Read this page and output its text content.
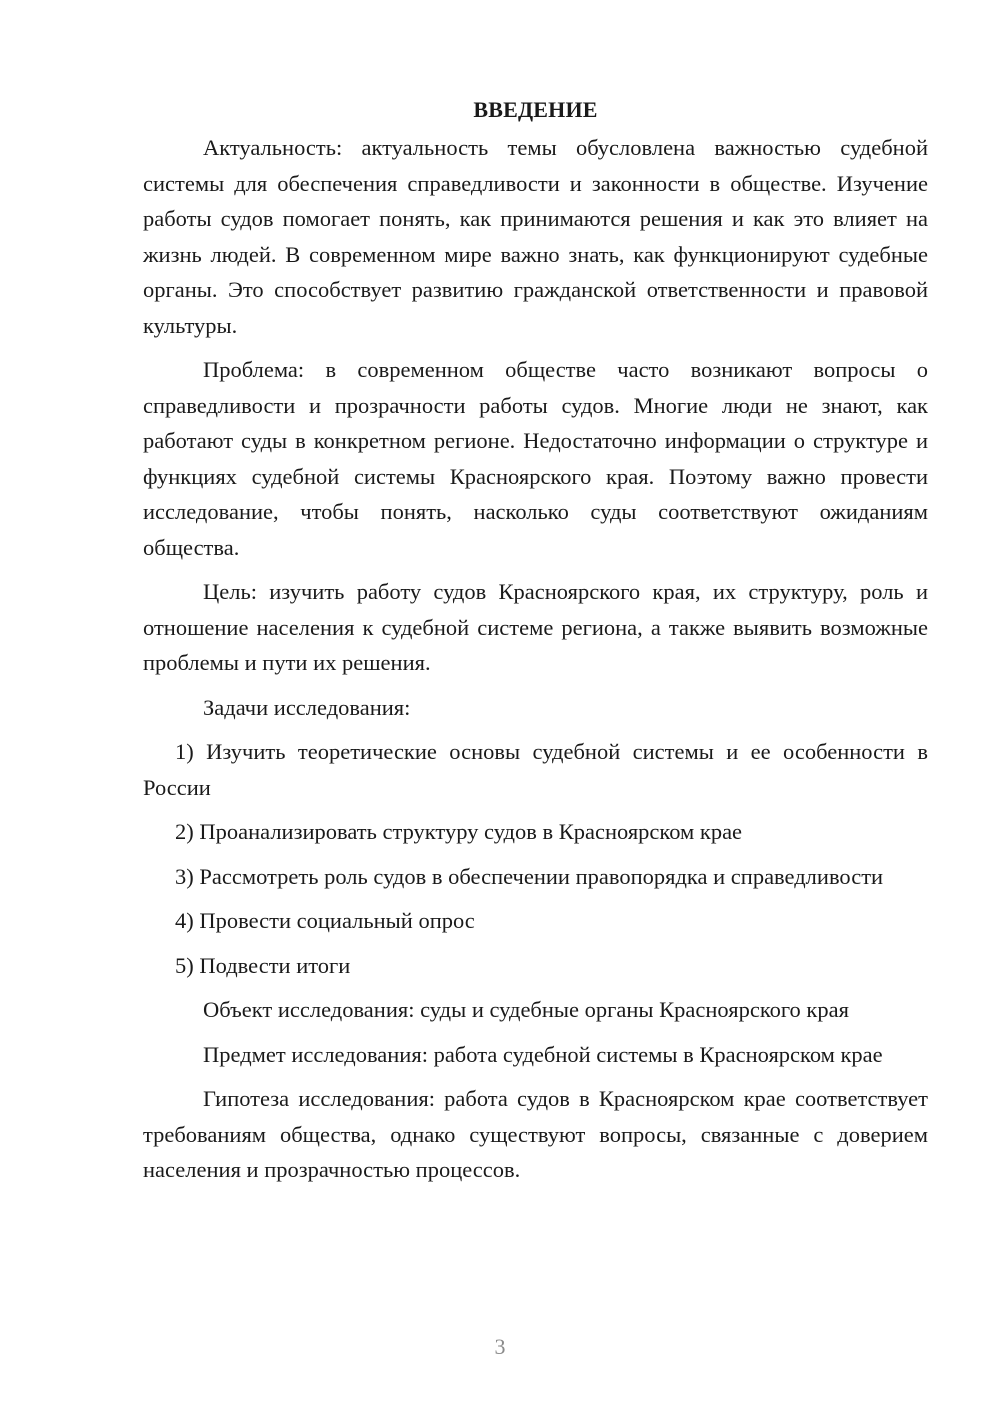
ВВЕДЕНИЕ

Актуальность: актуальность темы обусловлена важностью судебной системы для обеспечения справедливости и законности в обществе. Изучение работы судов помогает понять, как принимаются решения и как это влияет на жизнь людей. В современном мире важно знать, как функционируют судебные органы. Это способствует развитию гражданской ответственности и правовой культуры.

Проблема: в современном обществе часто возникают вопросы о справедливости и прозрачности работы судов. Многие люди не знают, как работают суды в конкретном регионе. Недостаточно информации о структуре и функциях судебной системы Красноярского края. Поэтому важно провести исследование, чтобы понять, насколько суды соответствуют ожиданиям общества.

Цель: изучить работу судов Красноярского края, их структуру, роль и отношение населения к судебной системе региона, а также выявить возможные проблемы и пути их решения.

Задачи исследования:

1) Изучить теоретические основы судебной системы и ее особенности в России

2) Проанализировать структуру судов в Красноярском крае

3) Рассмотреть роль судов в обеспечении правопорядка и справедливости

4) Провести социальный опрос

5) Подвести итоги

Объект исследования: суды и судебные органы Красноярского края

Предмет исследования: работа судебной системы в Красноярском крае

Гипотеза исследования: работа судов в Красноярском крае соответствует требованиям общества, однако существуют вопросы, связанные с доверием населения и прозрачностью процессов.

3
